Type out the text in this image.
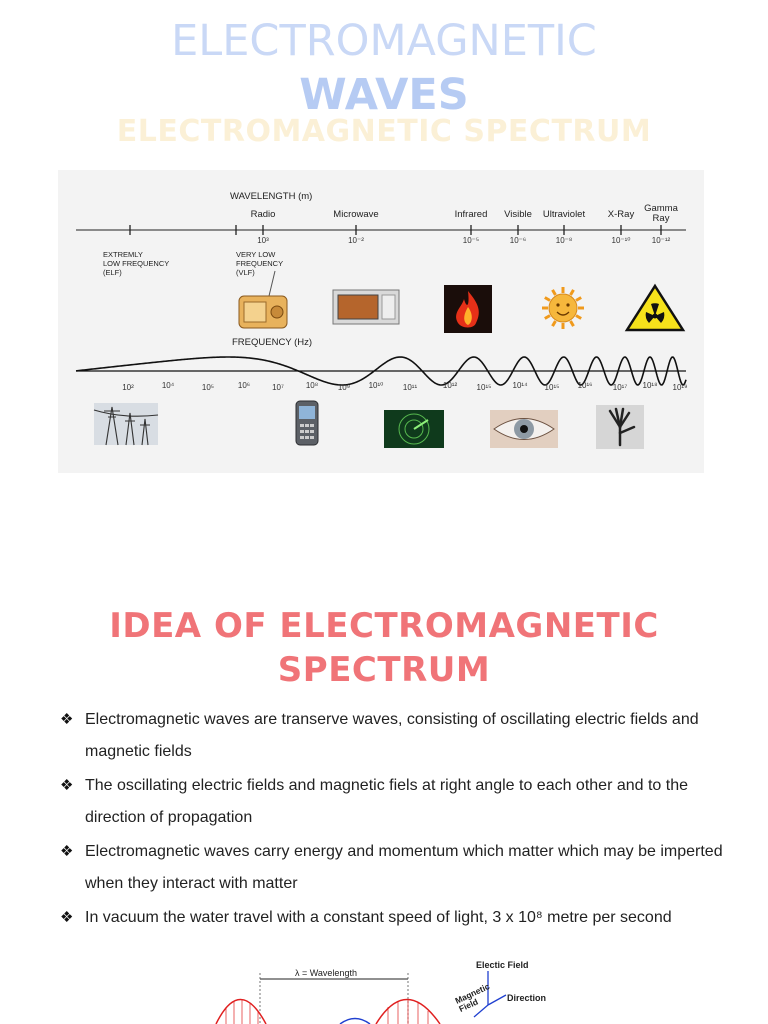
ELECTROMAGNETIC
WAVES
ELECTROMAGNETIC SPECTRUM
WAVELENGTH (m)
Radio
10³
Microwave
10⁻²
Infrared
10⁻⁵
Visible
10⁻⁶
Ultraviolet
10⁻⁸
X-Ray
10⁻¹⁰
Gamma
Ray
10⁻¹²
EXTREMLY
LOW FREQUENCY
(ELF)
VERY LOW
FREQUENCY
(VLF)
FREQUENCY (Hz)
10²	10⁴	10⁵	10⁶	10⁷	10⁸	10⁹	10¹⁰	10¹¹	10¹²	10¹⁵	10¹⁴	10¹⁵	10¹⁶	10¹⁷	10¹⁸	10¹⁹
IDEA OF ELECTROMAGNETIC
SPECTRUM
❖ Electromagnetic waves are transerve waves, consisting of oscillating electric fields and magnetic fields
❖ The oscillating electric fields and magnetic fiels at right angle to each other and to the direction of propagation
❖ Electromagnetic waves carry energy and momentum which matter which may be imperted when they interact with matter
❖ In vacuum the water travel with a constant speed of light, 3 x 10⁸ metre per second
λ = Wavelength
Electic Field
Magnetic
Field	Direction
